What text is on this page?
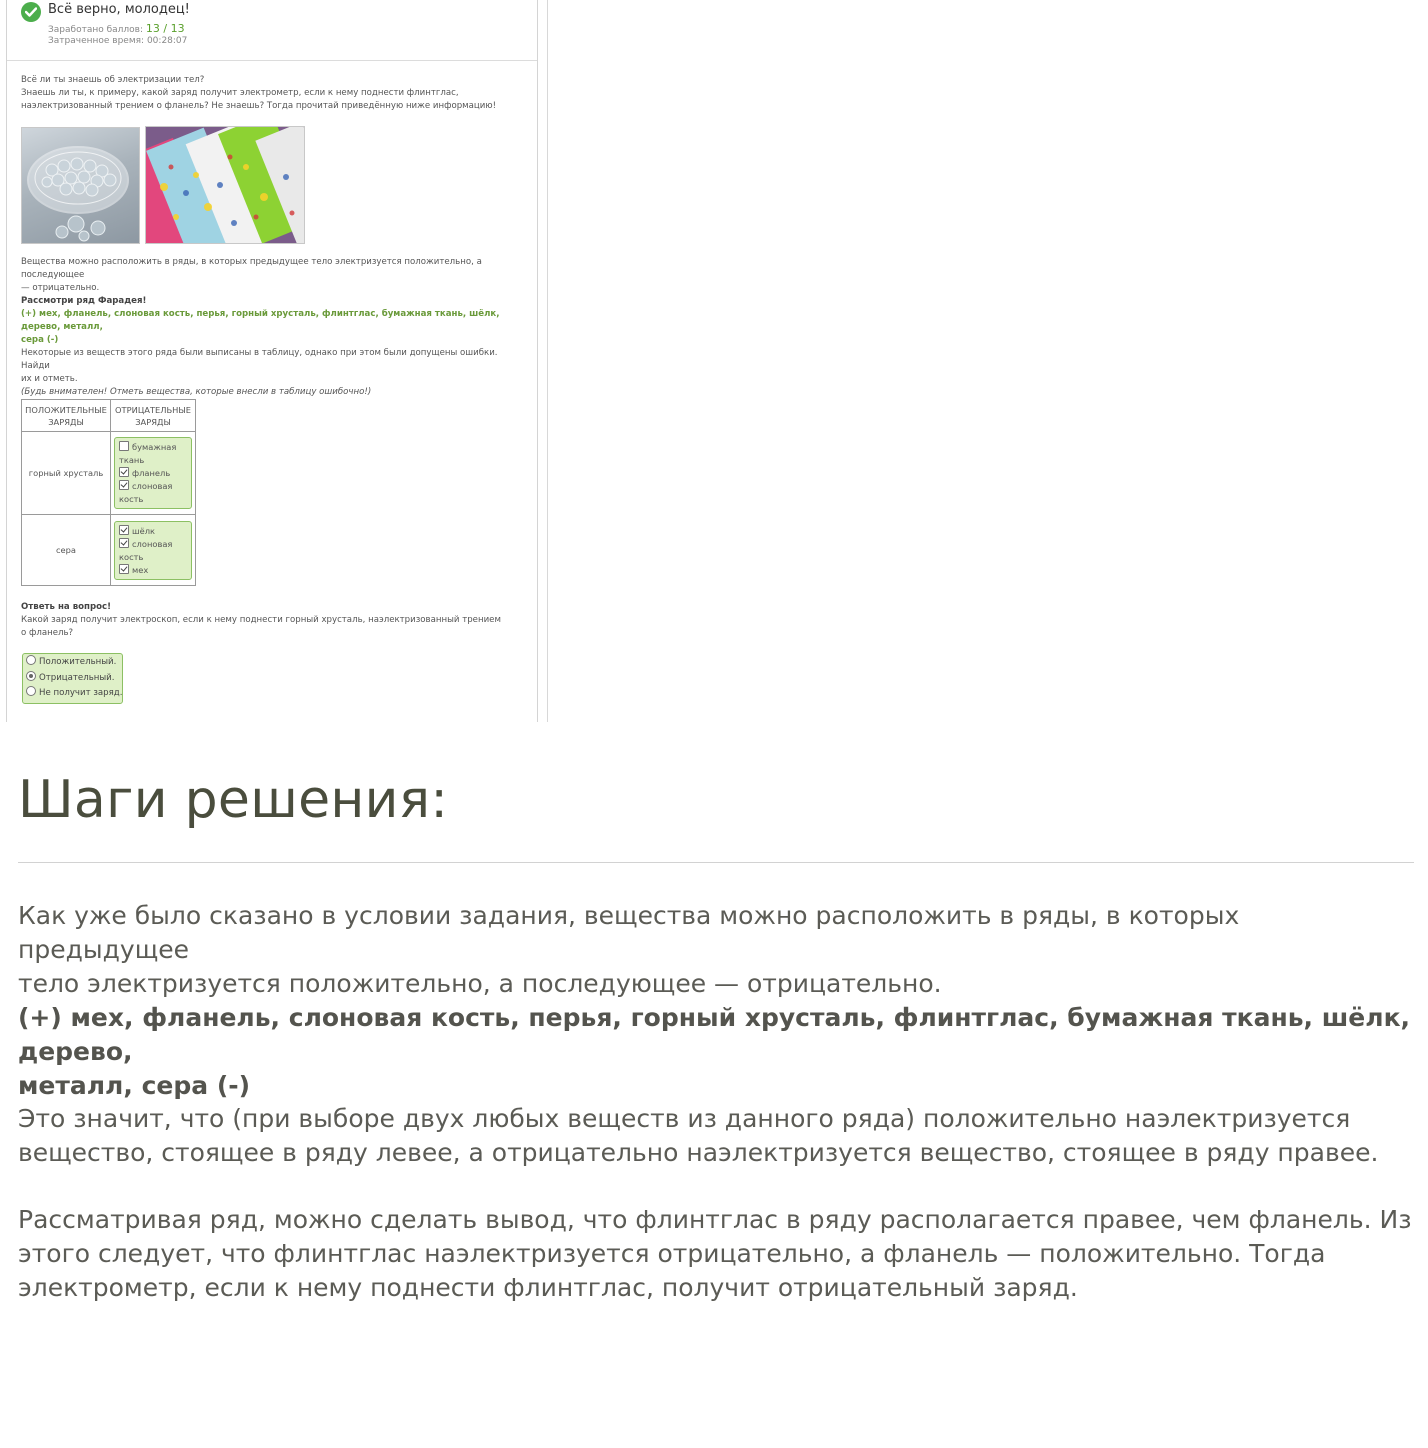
Всё верно, молодец!
Заработано баллов: 13 / 13
Затраченное время: 00:28:07

Всё ли ты знаешь об электризации тел?

Знаешь ли ты, к примеру, какой заряд получит электрометр, если к нему поднести флинтглас,

наэлектризованный трением о фланель? Не знаешь? Тогда прочитай приведённую ниже информацию!

Вещества можно расположить в ряды, в которых предыдущее тело электризуется положительно, а последующее

— отрицательно.

Рассмотри ряд Фарадея!

(+) мех, фланель, слоновая кость, перья, горный хрусталь, флинтглас, бумажная ткань, шёлк, дерево, металл,

сера (-)

Некоторые из веществ этого ряда были выписаны в таблицу, однако при этом были допущены ошибки. Найди

их и отметь.

(Будь внимателен! Отметь вещества, которые внесли в таблицу ошибочно!)

ПОЛОЖИТЕЛЬНЫЕ
ЗАРЯДЫ	ОТРИЦАТЕЛЬНЫЕ
ЗАРЯДЫ
горный хрусталь	бумажная
ткань
фланель
слоновая
кость

сера	шёлк
слоновая
кость
мех

Ответь на вопрос!

Какой заряд получит электроскоп, если к нему поднести горный хрусталь, наэлектризованный трением

о фланель?

Положительный.
Отрицательный.
Не получит заряд.
Шаги решения:

Как уже было сказано в условии задания, вещества можно расположить в ряды, в которых предыдущее
тело электризуется положительно, а последующее — отрицательно.

(+) мех, фланель, слоновая кость, перья, горный хрусталь, флинтглас, бумажная ткань, шёлк, дерево,
металл, сера (-)

Это значит, что (при выборе двух любых веществ из данного ряда) положительно наэлектризуется
вещество, стоящее в ряду левее, а отрицательно наэлектризуется вещество, стоящее в ряду правее.

Рассматривая ряд, можно сделать вывод, что флинтглас в ряду располагается правее, чем фланель. Из
этого следует, что флинтглас наэлектризуется отрицательно, а фланель — положительно. Тогда
электрометр, если к нему поднести флинтглас, получит отрицательный заряд.
